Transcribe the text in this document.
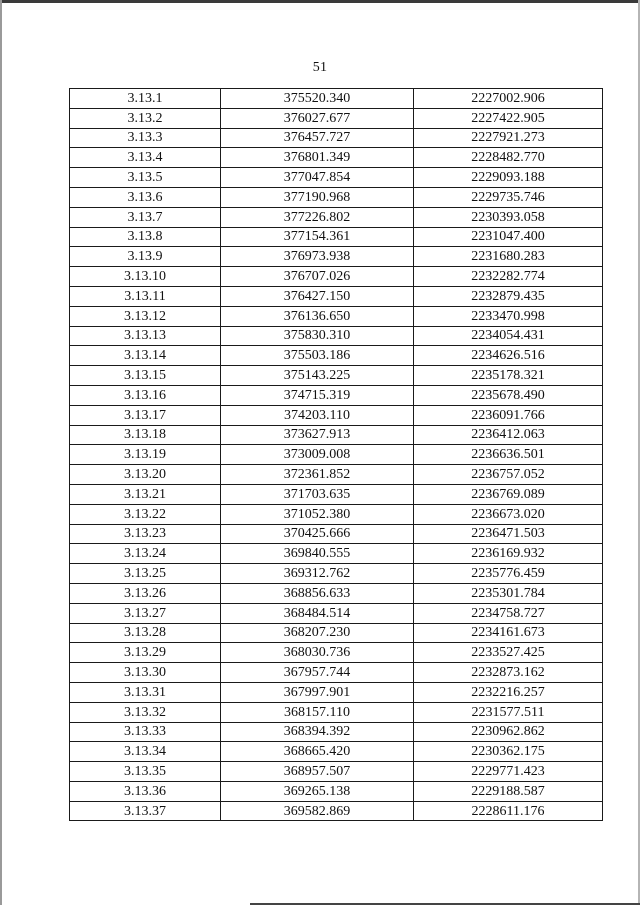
51
3.13.1	375520.340	2227002.906
3.13.2	376027.677	2227422.905
3.13.3	376457.727	2227921.273
3.13.4	376801.349	2228482.770
3.13.5	377047.854	2229093.188
3.13.6	377190.968	2229735.746
3.13.7	377226.802	2230393.058
3.13.8	377154.361	2231047.400
3.13.9	376973.938	2231680.283
3.13.10	376707.026	2232282.774
3.13.11	376427.150	2232879.435
3.13.12	376136.650	2233470.998
3.13.13	375830.310	2234054.431
3.13.14	375503.186	2234626.516
3.13.15	375143.225	2235178.321
3.13.16	374715.319	2235678.490
3.13.17	374203.110	2236091.766
3.13.18	373627.913	2236412.063
3.13.19	373009.008	2236636.501
3.13.20	372361.852	2236757.052
3.13.21	371703.635	2236769.089
3.13.22	371052.380	2236673.020
3.13.23	370425.666	2236471.503
3.13.24	369840.555	2236169.932
3.13.25	369312.762	2235776.459
3.13.26	368856.633	2235301.784
3.13.27	368484.514	2234758.727
3.13.28	368207.230	2234161.673
3.13.29	368030.736	2233527.425
3.13.30	367957.744	2232873.162
3.13.31	367997.901	2232216.257
3.13.32	368157.110	2231577.511
3.13.33	368394.392	2230962.862
3.13.34	368665.420	2230362.175
3.13.35	368957.507	2229771.423
3.13.36	369265.138	2229188.587
3.13.37	369582.869	2228611.176
